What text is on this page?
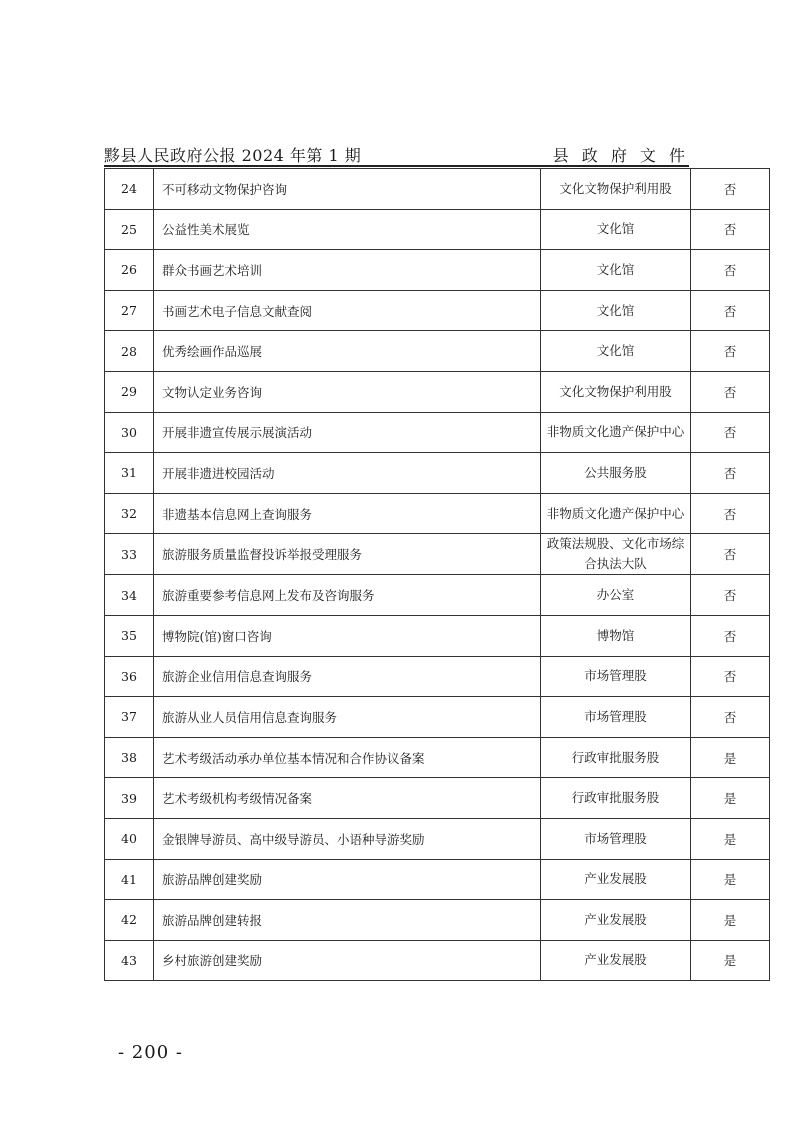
黟县人民政府公报 2024 年第 1 期	县 政 府 文 件
24	不可移动文物保护咨询	文化文物保护利用股	否
25	公益性美术展览	文化馆	否
26	群众书画艺术培训	文化馆	否
27	书画艺术电子信息文献查阅	文化馆	否
28	优秀绘画作品巡展	文化馆	否
29	文物认定业务咨询	文化文物保护利用股	否
30	开展非遗宣传展示展演活动	非物质文化遗产保护中心	否
31	开展非遗进校园活动	公共服务股	否
32	非遗基本信息网上查询服务	非物质文化遗产保护中心	否
33	旅游服务质量监督投诉举报受理服务	政策法规股、文化市场综合执法大队	否
34	旅游重要参考信息网上发布及咨询服务	办公室	否
35	博物院(馆)窗口咨询	博物馆	否
36	旅游企业信用信息查询服务	市场管理股	否
37	旅游从业人员信用信息查询服务	市场管理股	否
38	艺术考级活动承办单位基本情况和合作协议备案	行政审批服务股	是
39	艺术考级机构考级情况备案	行政审批服务股	是
40	金银牌导游员、高中级导游员、小语种导游奖励	市场管理股	是
41	旅游品牌创建奖励	产业发展股	是
42	旅游品牌创建转报	产业发展股	是
43	乡村旅游创建奖励	产业发展股	是
- 200 -
